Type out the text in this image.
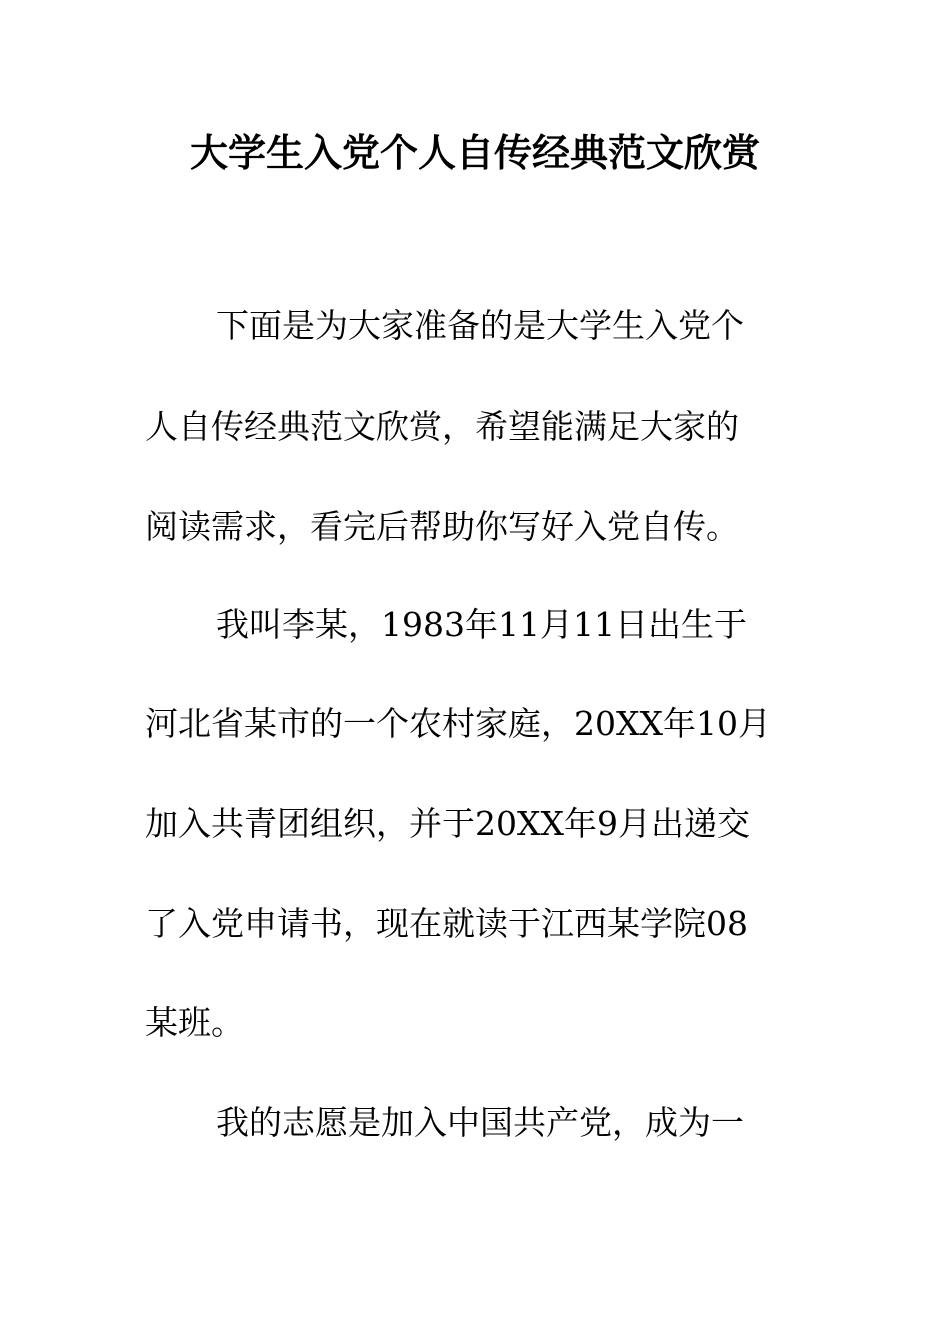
大学生入党个人自传经典范文欣赏
下面是为大家准备的是大学生入党个
人自传经典范文欣赏，希望能满足大家的
阅读需求，看完后帮助你写好入党自传。
我叫李某，1983年11月11日出生于
河北省某市的一个农村家庭，20XX年10月
加入共青团组织，并于20XX年9月出递交
了入党申请书，现在就读于江西某学院08
某班。
我的志愿是加入中国共产党，成为一
